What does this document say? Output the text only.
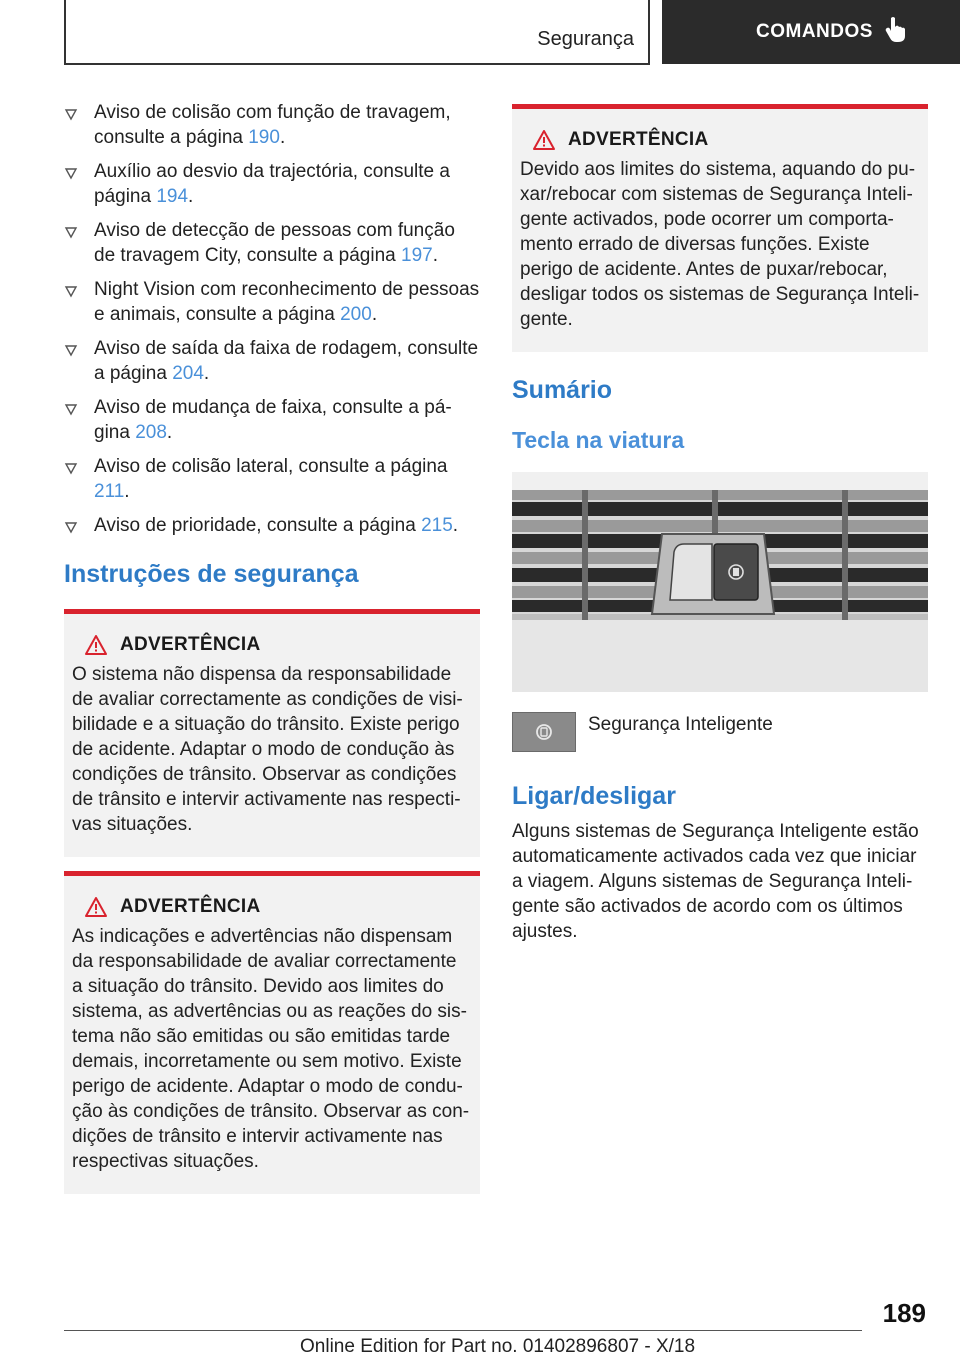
Segurança	COMANDOS
Aviso de colisão com função de travagem, consulte a página 190.
Auxílio ao desvio da trajectória, consulte a página 194.
Aviso de detecção de pessoas com função de travagem City, consulte a página 197.
Night Vision com reconhecimento de pessoas e animais, consulte a página 200.
Aviso de saída da faixa de rodagem, consulte a página 204.
Aviso de mudança de faixa, consulte a página 208.
Aviso de colisão lateral, consulte a página 211.
Aviso de prioridade, consulte a página 215.
Instruções de segurança
ADVERTÊNCIA
O sistema não dispensa da responsabilidade de avaliar correctamente as condições de visibilidade e a situação do trânsito. Existe perigo de acidente. Adaptar o modo de condução às condições de trânsito. Observar as condições de trânsito e intervir activamente nas respectivas situações.
ADVERTÊNCIA
As indicações e advertências não dispensam da responsabilidade de avaliar correctamente a situação do trânsito. Devido aos limites do sistema, as advertências ou as reações do sistema não são emitidas ou são emitidas tarde demais, incorretamente ou sem motivo. Existe perigo de acidente. Adaptar o modo de condução às condições de trânsito. Observar as condições de trânsito e intervir activamente nas respectivas situações.
ADVERTÊNCIA
Devido aos limites do sistema, aquando do puxar/rebocar com sistemas de Segurança Inteligente activados, pode ocorrer um comportamento errado de diversas funções. Existe perigo de acidente. Antes de puxar/rebocar, desligar todos os sistemas de Segurança Inteligente.
Sumário
Tecla na viatura
Segurança Inteligente
Ligar/desligar

Alguns sistemas de Segurança Inteligente estão automaticamente activados cada vez que iniciar a viagem. Alguns sistemas de Segurança Inteligente são activados de acordo com os últimos ajustes.

189
Online Edition for Part no. 01402896807 - X/18
